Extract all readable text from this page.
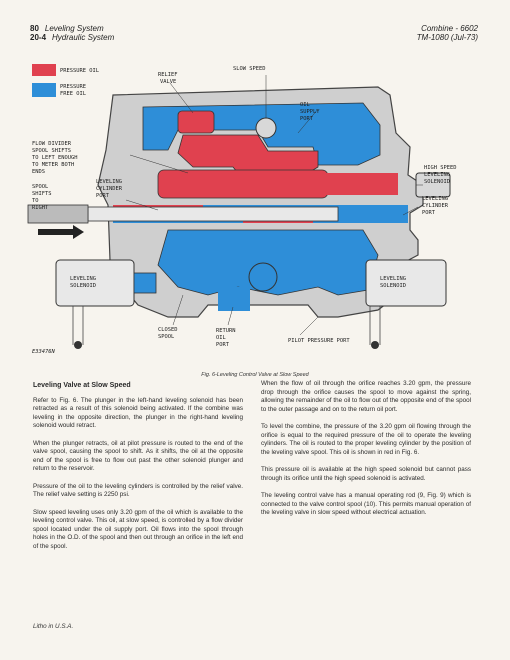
80 Leveling System
20-4 Hydraulic System
Combine - 6602
TM-1080 (Jul-73)
PRESSURE OIL
PRESSURE
FREE OIL
RELIEF
VALVE
SLOW SPEED
OIL
SUPPLY
PORT
FLOW DIVIDER
SPOOL SHIFTS
TO LEFT ENOUGH
TO METER BOTH
ENDS
SPOOL
SHIFTS
TO
RIGHT
LEVELING
CYLINDER
PORT
HIGH SPEED
LEVELING
SOLENOID
LEVELING
CYLINDER
PORT
LEVELING
SOLENOID
LEVELING
SOLENOID
CLOSED
SPOOL
RETURN
OIL
PORT
PILOT PRESSURE PORT
E33476N
Fig. 6-Leveling Control Valve at Slow Speed
Leveling Valve at Slow Speed

Refer to Fig. 6. The plunger in the left-hand leveling solenoid has been retracted as a result of this solenoid being activated. If the combine was leveling in the opposite direction, the plunger in the right-hand leveling solenoid would retract.

When the plunger retracts, oil at pilot pressure is routed to the end of the valve spool, causing the spool to shift. As it shifts, the oil at the opposite end of the spool is free to flow out past the other solenoid plunger and return to the reservoir.

Pressure of the oil to the leveling cylinders is controlled by the relief valve. The relief valve setting is 2250 psi.

Slow speed leveling uses only 3.20 gpm of the oil which is available to the leveling control valve. This oil, at slow speed, is controlled by a flow divider spool located under the oil supply port. Oil flows into the spool through holes in the O.D. of the spool and then out through an orifice in the left end of the spool.

When the flow of oil through the orifice reaches 3.20 gpm, the pressure drop through the orifice causes the spool to move against the spring, allowing the remainder of the oil to flow out of the opposite end of the spool to the outer passage and on to the return oil port.

To level the combine, the pressure of the 3.20 gpm oil flowing through the orifice is equal to the required pressure of the oil to operate the leveling cylinders. The oil is routed to the proper leveling cylinder by the position of the leveling valve spool. This oil is shown in red in Fig. 6.

This pressure oil is available at the high speed solenoid but cannot pass through its orifice until the high speed solenoid is activated.

The leveling control valve has a manual operating rod (9, Fig. 9) which is connected to the valve control spool (10). This permits manual operation of the leveling valve in slow speed without electrical actuation.

Litho in U.S.A.
